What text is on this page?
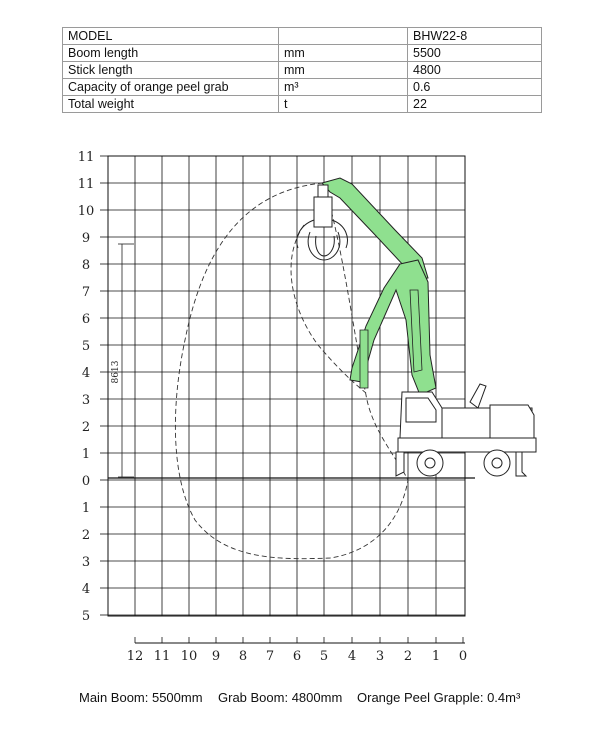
MODEL		BHW22-8
Boom length	mm	5500
Stick length	mm	4800
Capacity of orange peel grab	m³	0.6
Total weight	t	22
11
11
10
9
8
7
6
5
4
3
2
1
0
1
2
3
4
5
12 11 10 9 8 7 6 5 4 3 2 1 0
8613
Main Boom: 5500mm Grab Boom: 4800mm Orange Peel Grapple: 0.4m³
